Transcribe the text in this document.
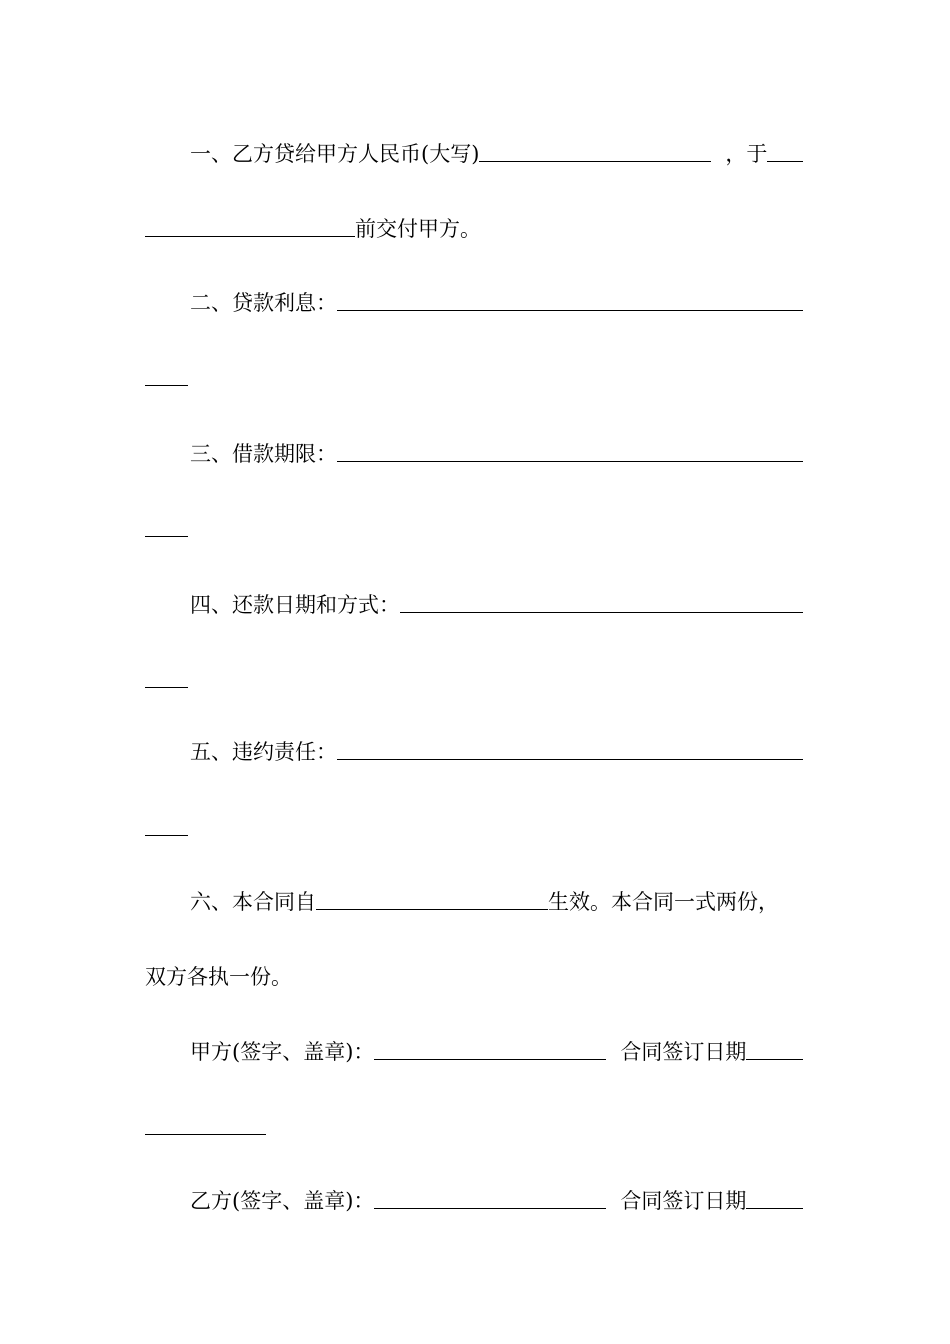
一、乙方贷给甲方人民币(大写)	，于
前交付甲方。
二、贷款利息：
三、借款期限：
四、还款日期和方式：
五、违约责任：
六、本合同自	生效。本合同一式两份，
双方各执一份。
甲方(签字、盖章)：	合同签订日期
乙方(签字、盖章)：	合同签订日期
